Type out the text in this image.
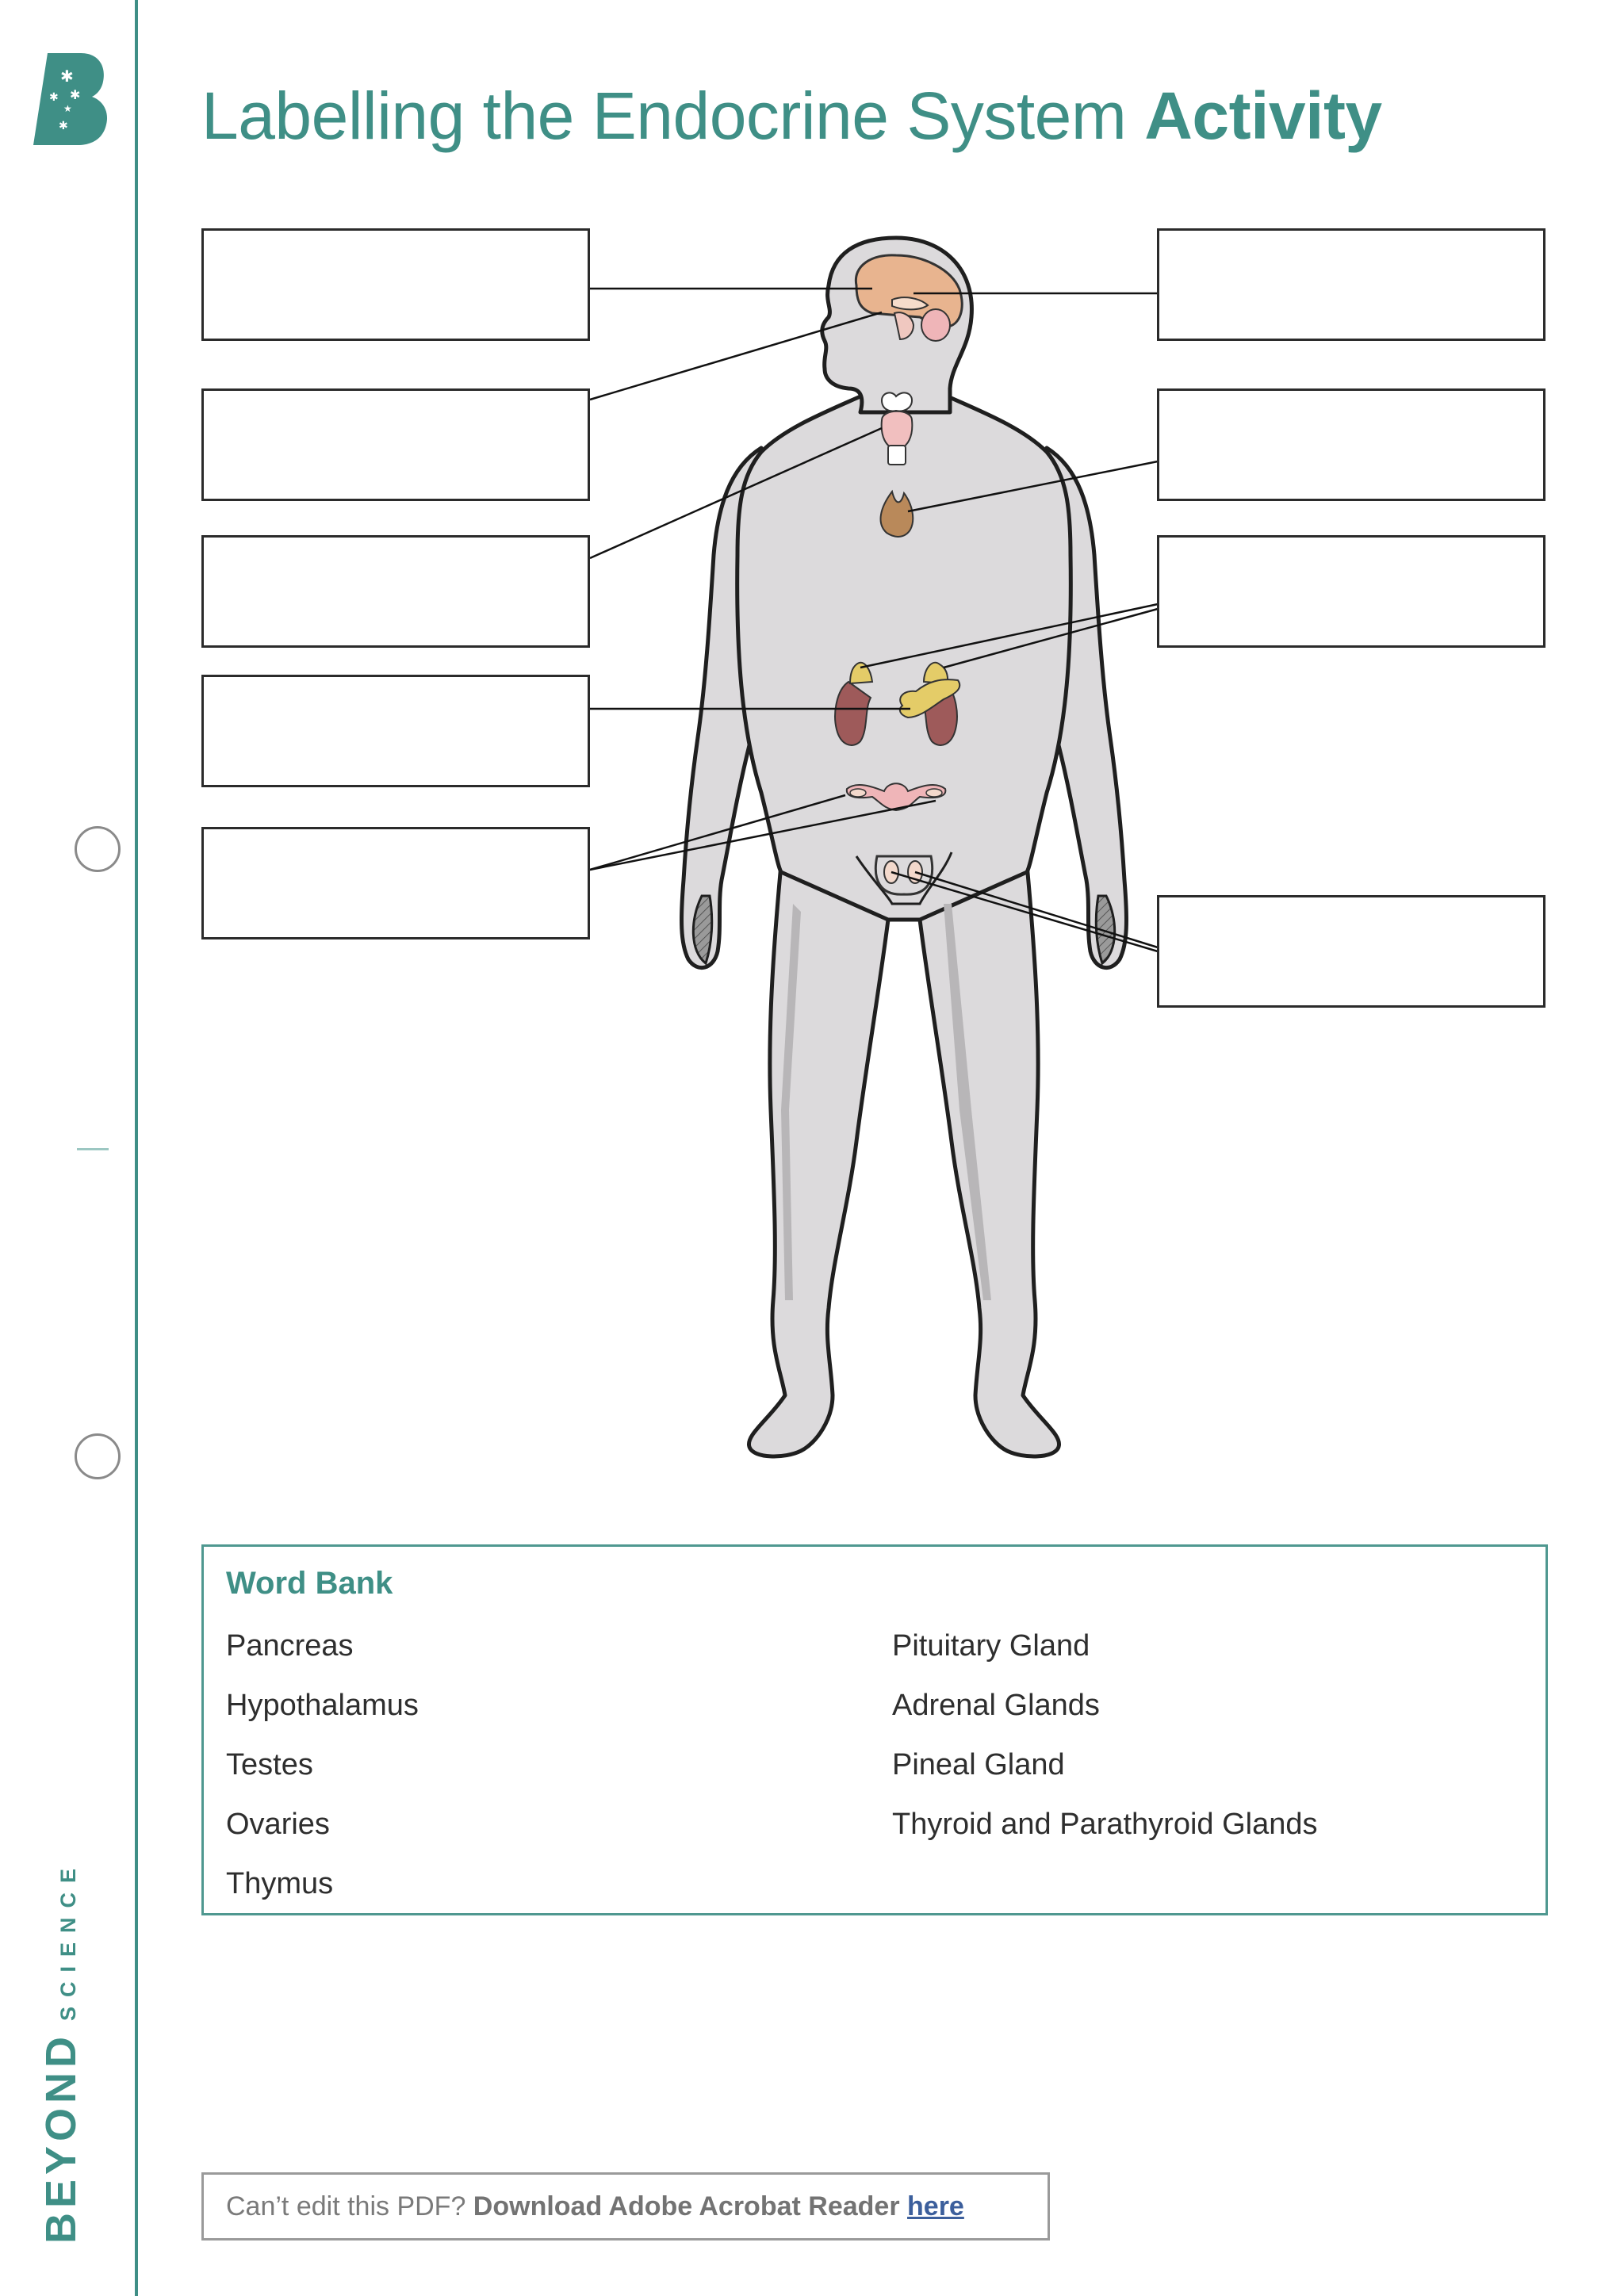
✱
✱ ✱
★
✱
BEYONDSCIENCE
Labelling the Endocrine System Activity
Word Bank
Pancreas
Hypothalamus
Testes
Ovaries
Thymus
Pituitary Gland
Adrenal Glands
Pineal Gland
Thyroid and Parathyroid Glands
Can’t edit this PDF? Download Adobe Acrobat Reader here
